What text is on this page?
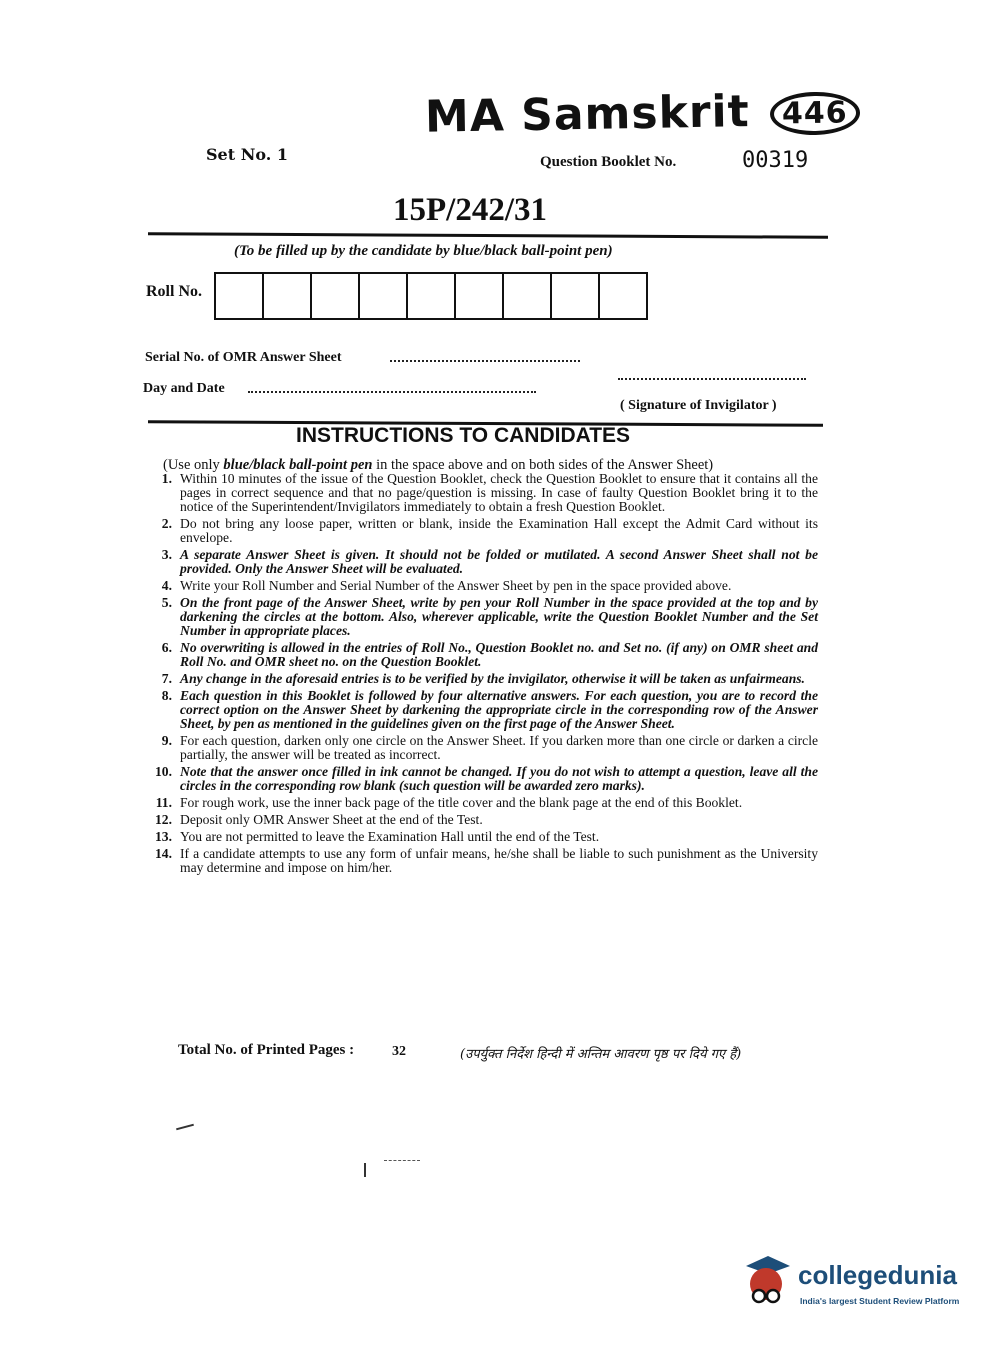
MA Samskrit 446
Set No. 1	Question Booklet No.	00319
15P/242/31
(To be filled up by the candidate by blue/black ball-point pen)
Roll No.
Serial No. of OMR Answer Sheet
Day and Date
( Signature of Invigilator )
INSTRUCTIONS TO CANDIDATES
(Use only blue/black ball-point pen in the space above and on both sides of the Answer Sheet)
1. Within 10 minutes of the issue of the Question Booklet, check the Question Booklet to ensure that it contains all the pages in correct sequence and that no page/question is missing. In case of faulty Question Booklet bring it to the notice of the Superintendent/Invigilators immediately to obtain a fresh Question Booklet.
2. Do not bring any loose paper, written or blank, inside the Examination Hall except the Admit Card without its envelope.
3. A separate Answer Sheet is given. It should not be folded or mutilated. A second Answer Sheet shall not be provided. Only the Answer Sheet will be evaluated.
4. Write your Roll Number and Serial Number of the Answer Sheet by pen in the space provided above.
5. On the front page of the Answer Sheet, write by pen your Roll Number in the space provided at the top and by darkening the circles at the bottom. Also, wherever applicable, write the Question Booklet Number and the Set Number in appropriate places.
6. No overwriting is allowed in the entries of Roll No., Question Booklet no. and Set no. (if any) on OMR sheet and Roll No. and OMR sheet no. on the Question Booklet.
7. Any change in the aforesaid entries is to be verified by the invigilator, otherwise it will be taken as unfairmeans.
8. Each question in this Booklet is followed by four alternative answers. For each question, you are to record the correct option on the Answer Sheet by darkening the appropriate circle in the corresponding row of the Answer Sheet, by pen as mentioned in the guidelines given on the first page of the Answer Sheet.
9. For each question, darken only one circle on the Answer Sheet. If you darken more than one circle or darken a circle partially, the answer will be treated as incorrect.
10. Note that the answer once filled in ink cannot be changed. If you do not wish to attempt a question, leave all the circles in the corresponding row blank (such question will be awarded zero marks).
11. For rough work, use the inner back page of the title cover and the blank page at the end of this Booklet.
12. Deposit only OMR Answer Sheet at the end of the Test.
13. You are not permitted to leave the Examination Hall until the end of the Test.
14. If a candidate attempts to use any form of unfair means, he/she shall be liable to such punishment as the University may determine and impose on him/her.
Total No. of Printed Pages :	32	(उपर्युक्त निर्देश हिन्दी में अन्तिम आवरण पृष्ठ पर दिये गए हैं)
collegedunia
India's largest Student Review Platform
